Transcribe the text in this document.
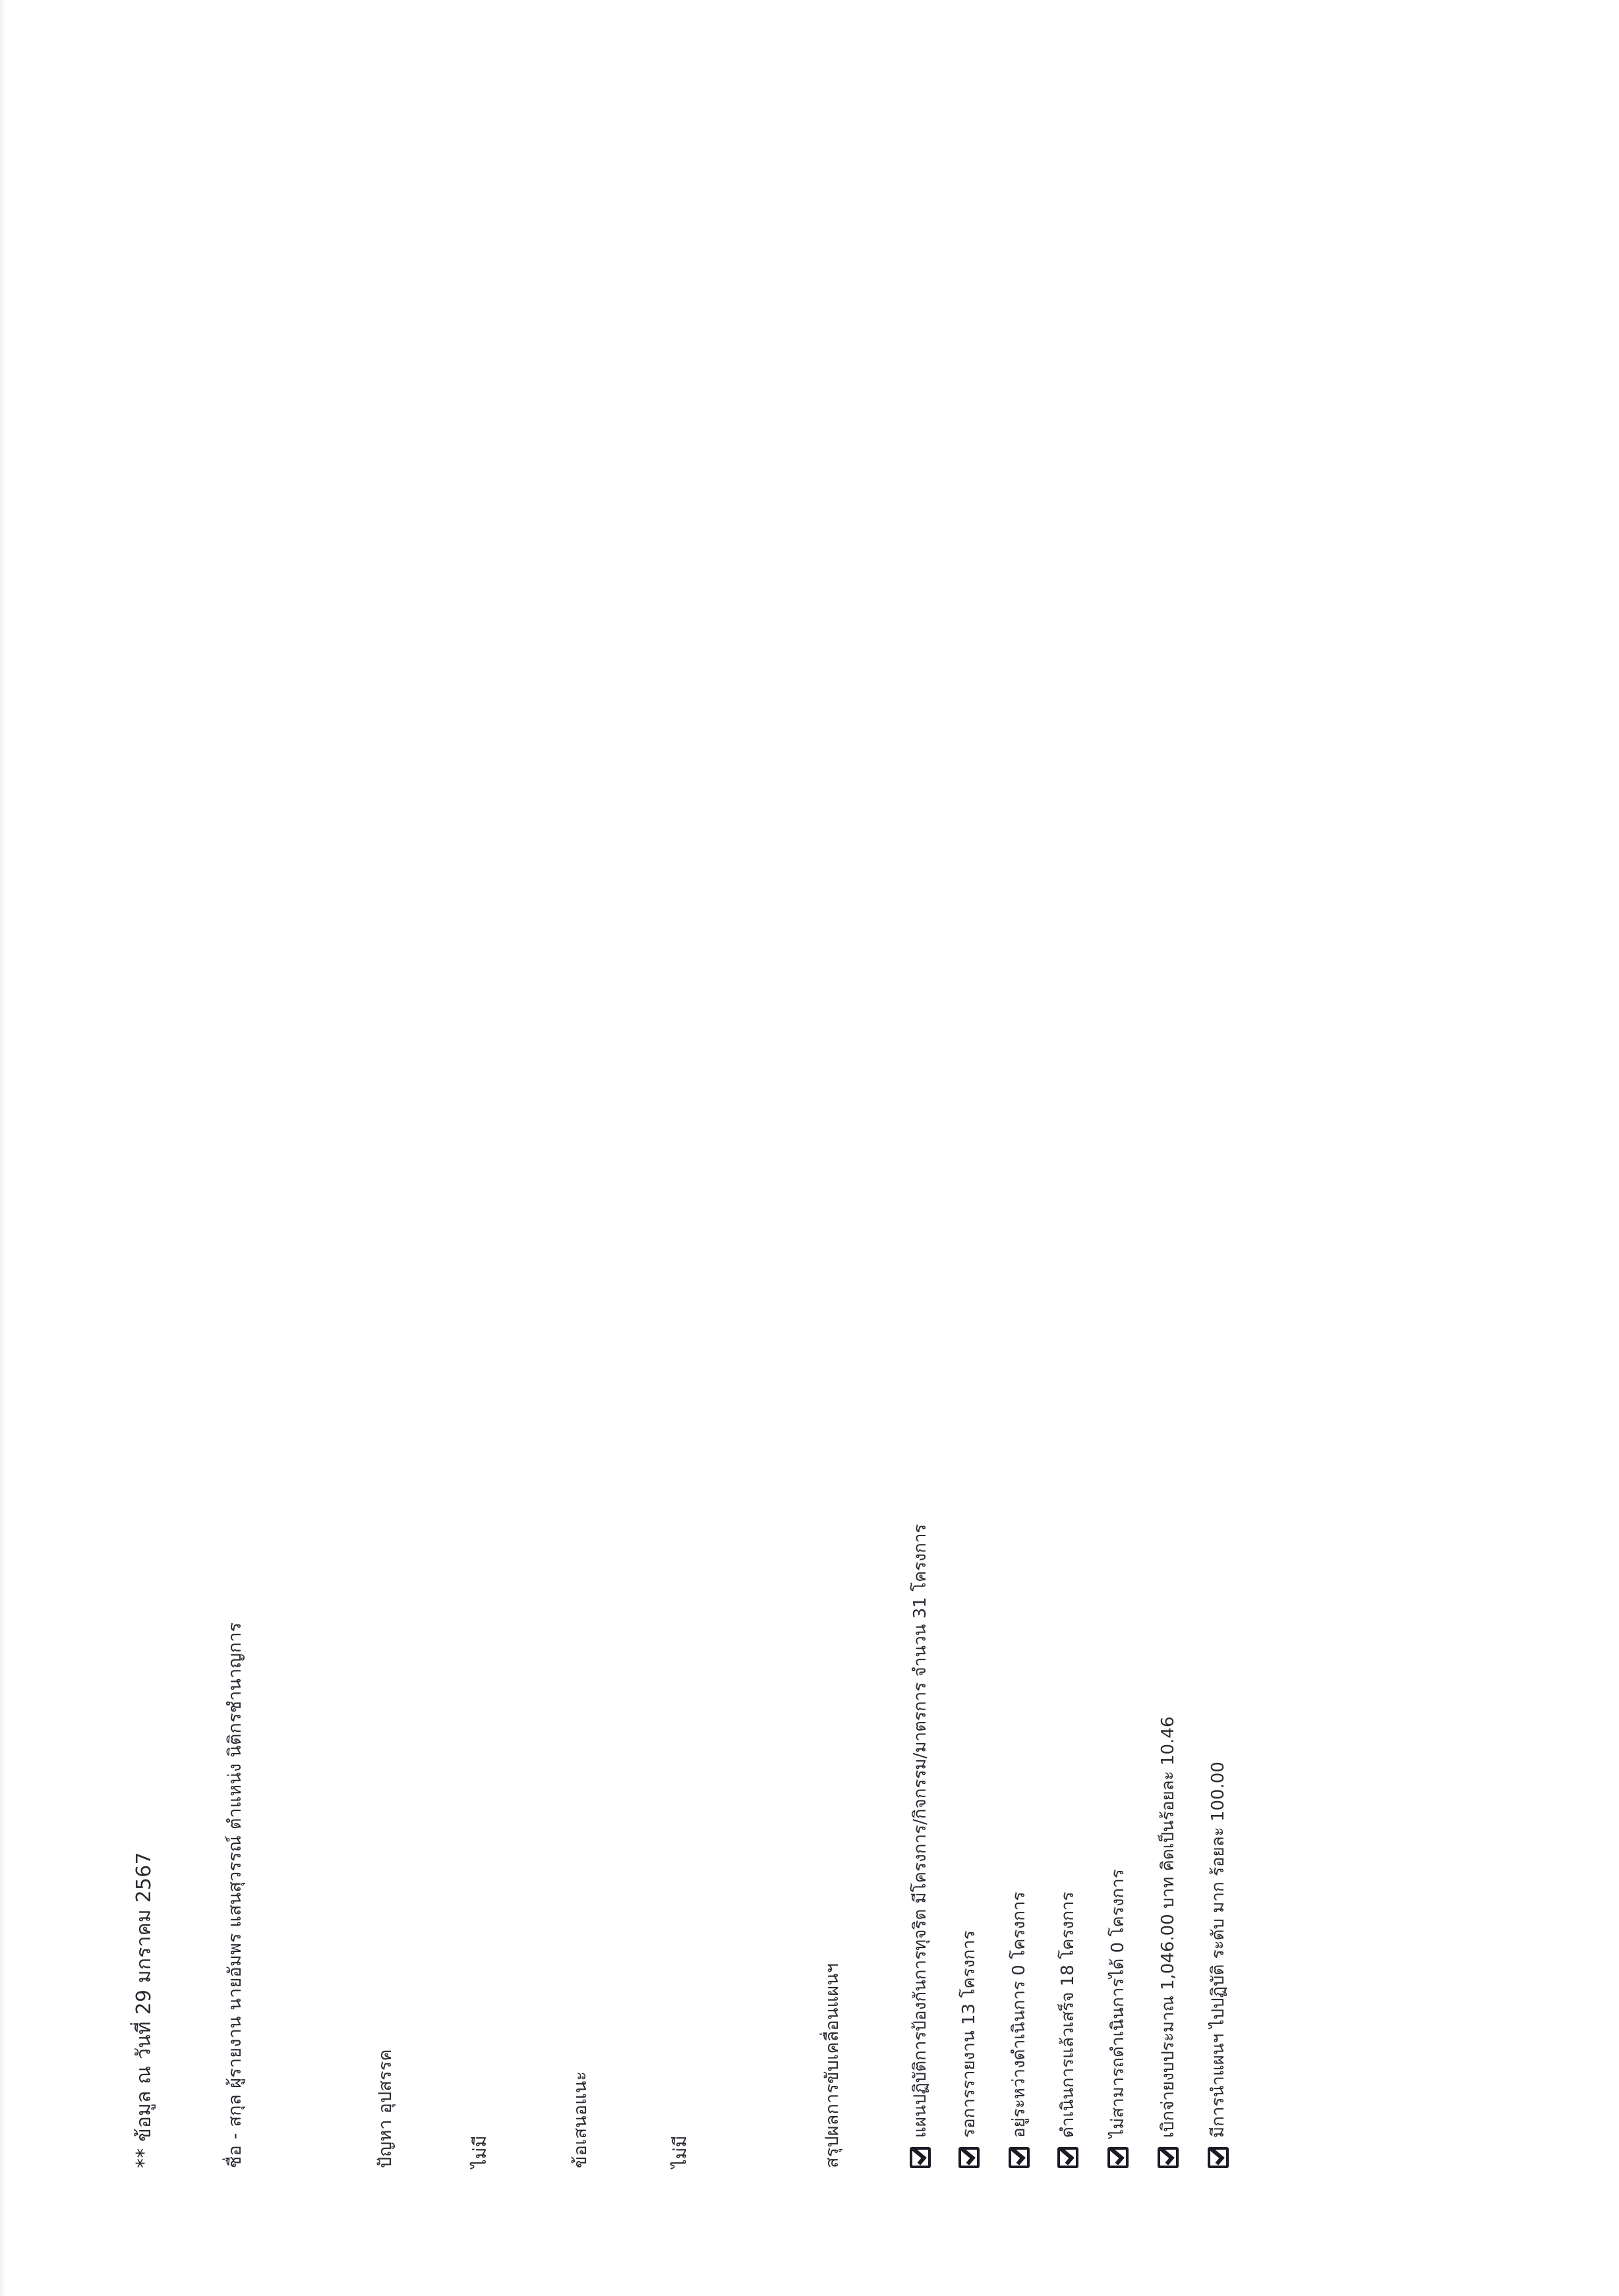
** ข้อมูล ณ วันที่ 29 มกราคม 2567	ชื่อ - สกุล ผู้รายงาน นายอัมพร แสนสุวรรณ์ ตำแหน่ง นิติกรชำนาญการ	ปัญหา อุปสรรค	ไม่มี	ข้อเสนอแนะ	ไม่มี	สรุปผลการขับเคลื่อนแผนฯ	แผนปฏิบัติการป้องกันการทุจริต มีโครงการ/กิจกรรม/มาตรการ จำนวน 31 โครงการ รอการรายงาน 13 โครงการ อยู่ระหว่างดำเนินการ 0 โครงการ ดำเนินการแล้วเสร็จ 18 โครงการ ไม่สามารถดำเนินการได้ 0 โครงการ เบิกจ่ายงบประมาณ 1,046.00 บาท คิดเป็นร้อยละ 10.46 มีการนำแผนฯ ไปปฏิบัติ ระดับ มาก ร้อยละ 100.00
